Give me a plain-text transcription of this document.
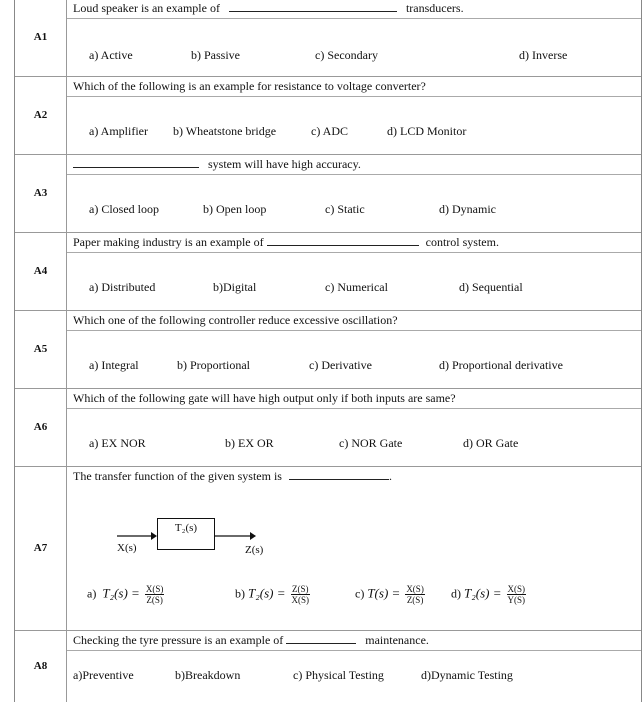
A1
Loud speaker is an example of	transducers.
a) Active	b) Passive	c) Secondary	d) Inverse
A2
Which of the following is an example for resistance to voltage converter?
a) Amplifier b) Wheatstone bridge	c) ADC	d) LCD Monitor
A3
system will have high accuracy.
a) Closed loop	b) Open loop	c) Static	d) Dynamic
A4
Paper making industry is an example of	control system.
a) Distributed	b)Digital	c) Numerical	d) Sequential
A5
Which one of the following controller reduce excessive oscillation?
a) Integral	b) Proportional	c) Derivative	d) Proportional derivative
A6
Which of the following gate will have high output only if both inputs are same?
a) EX NOR	b) EX OR	c) NOR Gate	d) OR Gate
A7
The transfer function of the given system is	.
X(s)
T₂(s)
Z(s)
a) $T_2(s) = \frac{X(S)}{Z(S)}$	b) $T_2(s) = \frac{Z(S)}{X(S)}$	c) $T(s) = \frac{X(S)}{Z(S)} d$) $T_2(s) = \frac{X(S)}{Y(S)}$
A8
Checking the tyre pressure is an example of	maintenance.
a)Preventive	b)Breakdown	c) Physical Testing	d)Dynamic Testing
